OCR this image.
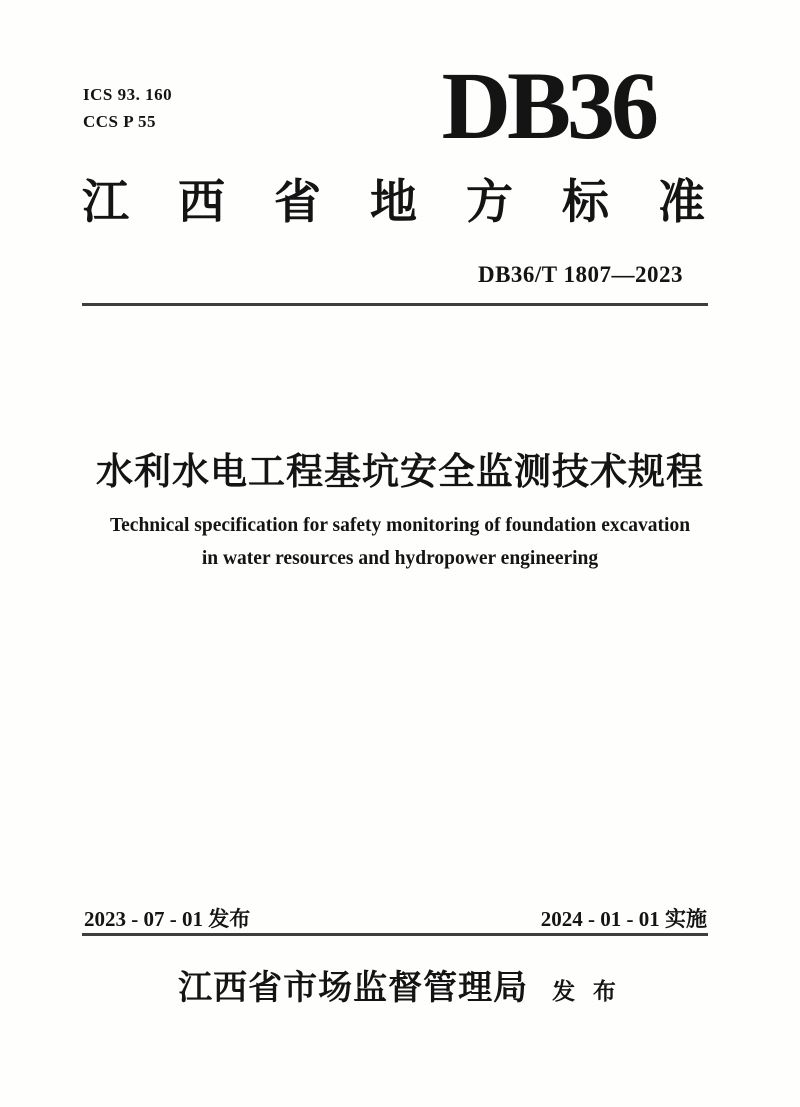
ICS 93. 160
CCS P 55	DB36
江西省地方标准
DB36/T 1807—2023
水利水电工程基坑安全监测技术规程
Technical specification for safety monitoring of foundation excavation
in water resources and hydropower engineering
2023 - 07 - 01 发布	2024 - 01 - 01 实施
江西省市场监督管理局 发 布
